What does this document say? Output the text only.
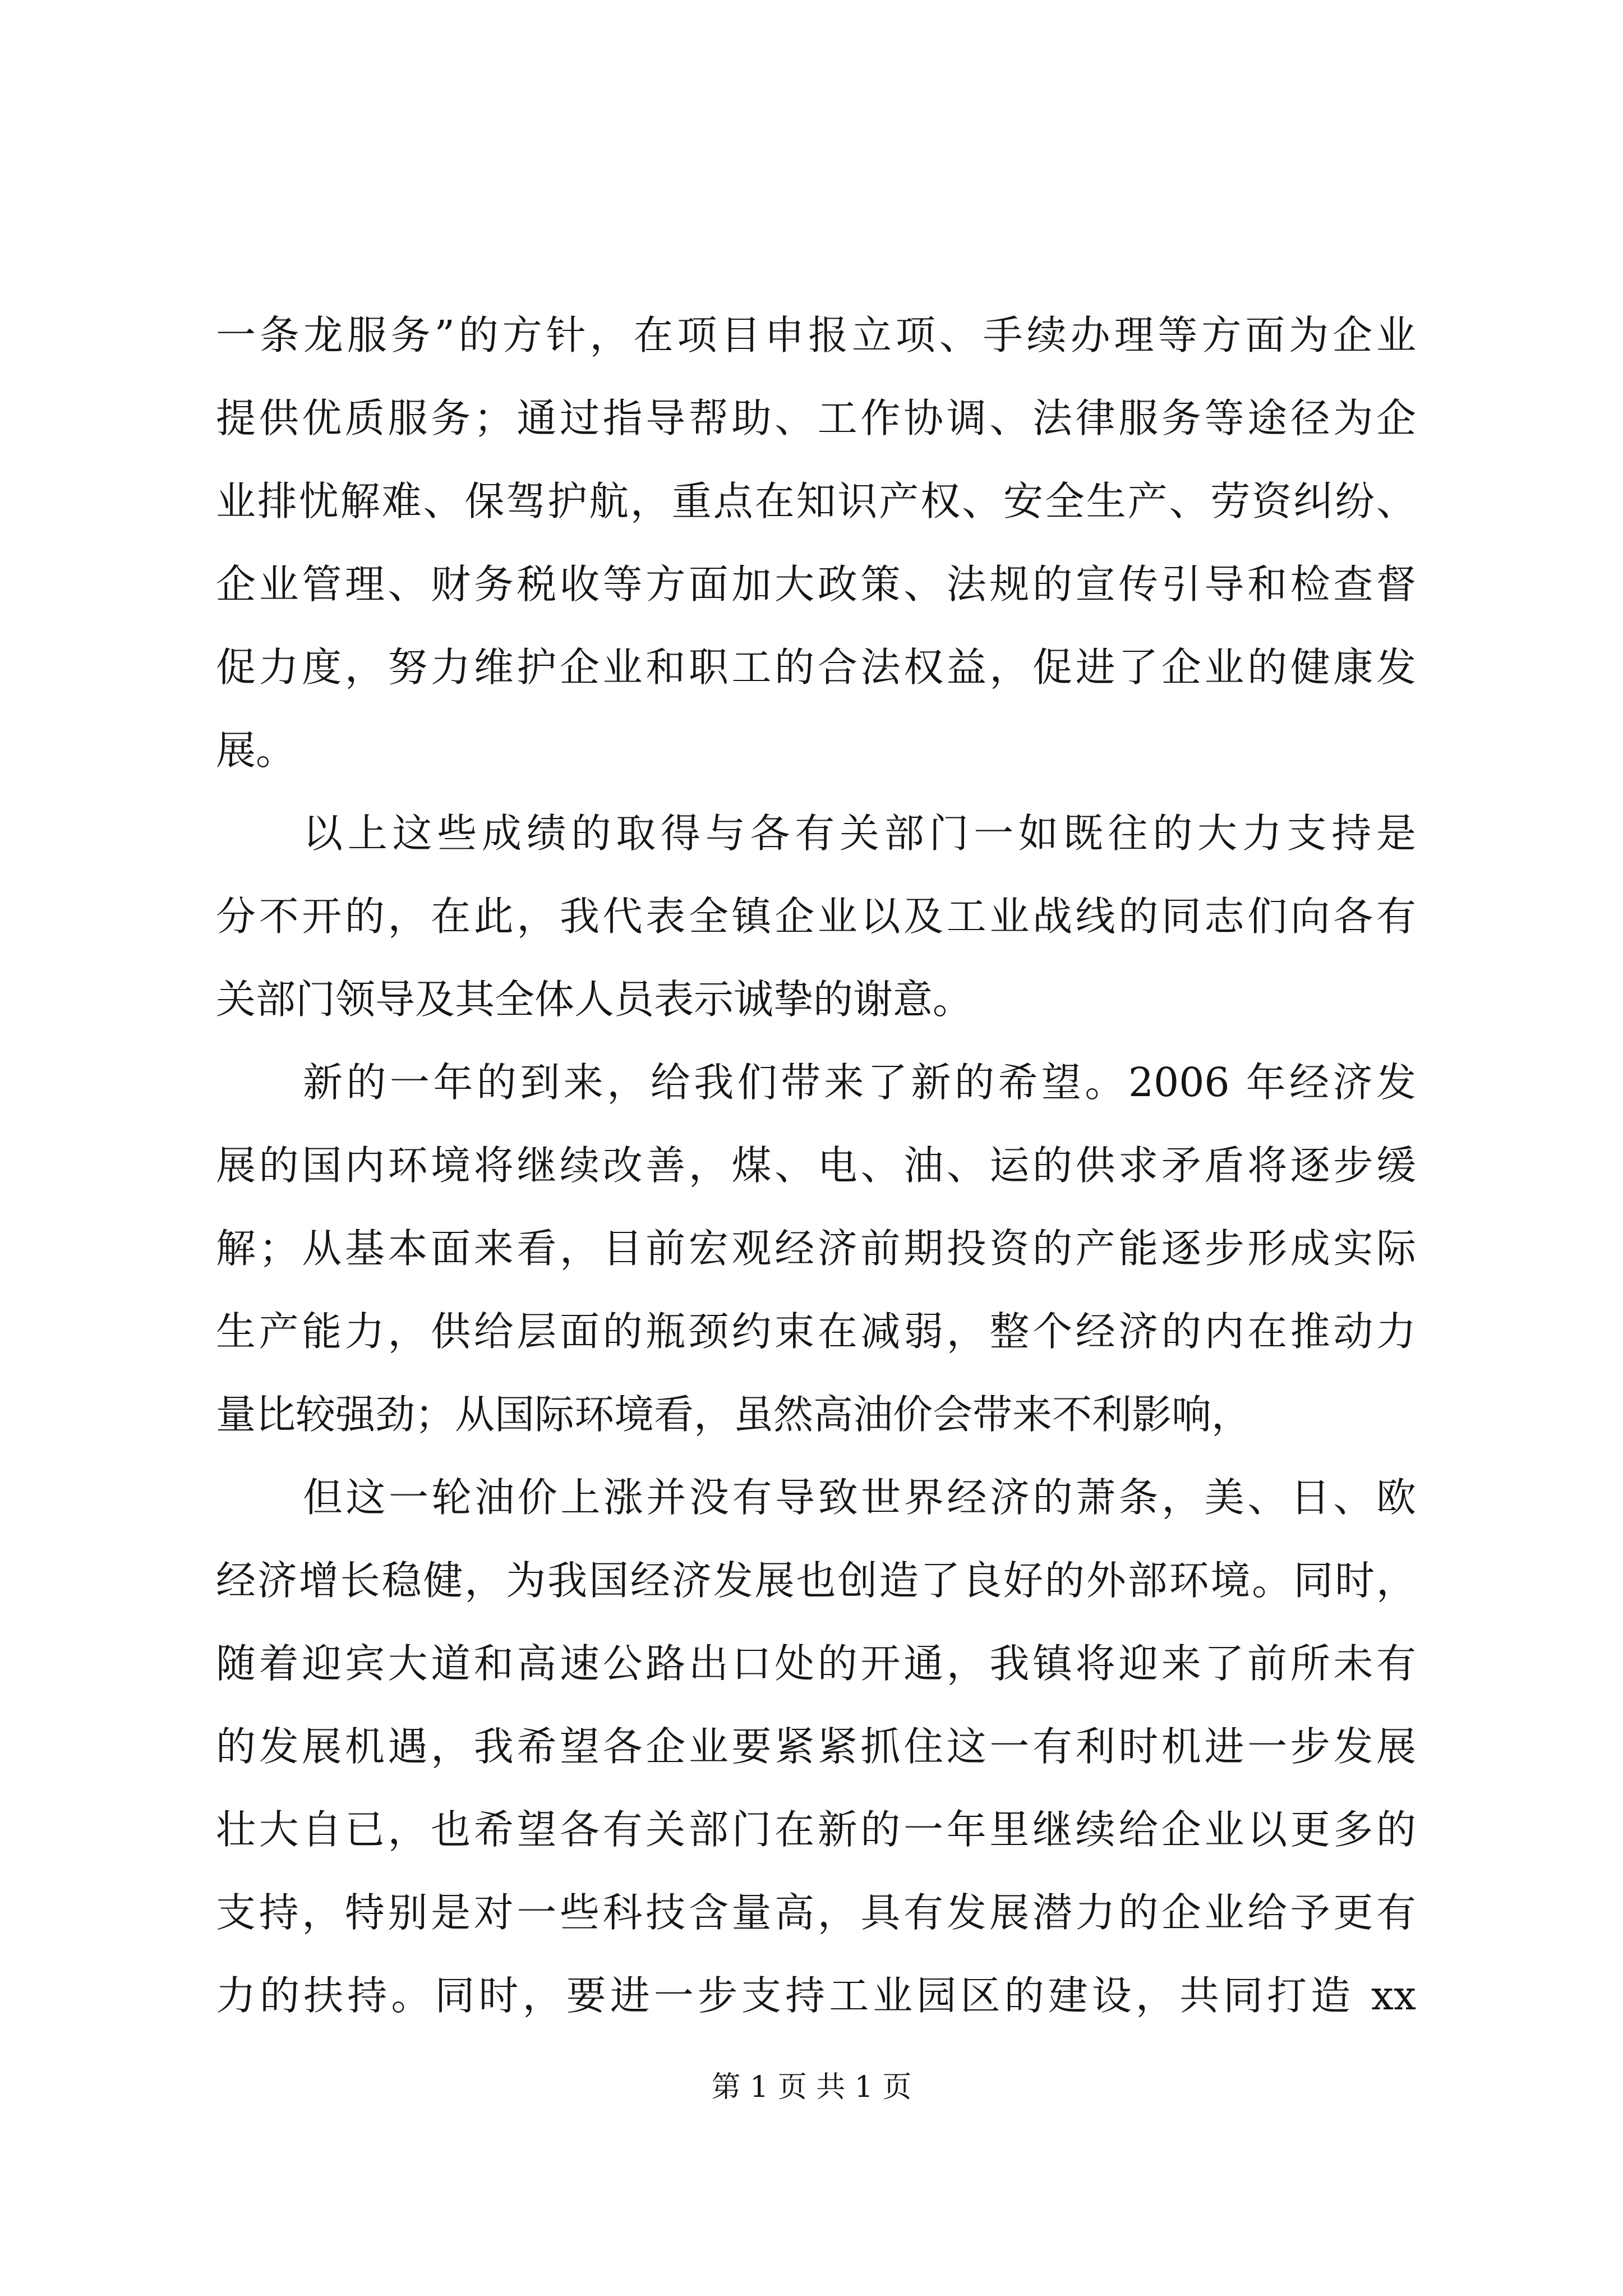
一条龙服务”的方针，在项目申报立项、手续办理等方面为企业
提供优质服务；通过指导帮助、工作协调、法律服务等途径为企
业排忧解难、保驾护航，重点在知识产权、安全生产、劳资纠纷、
企业管理、财务税收等方面加大政策、法规的宣传引导和检查督
促力度，努力维护企业和职工的合法权益，促进了企业的健康发
展。
以上这些成绩的取得与各有关部门一如既往的大力支持是
分不开的，在此，我代表全镇企业以及工业战线的同志们向各有
关部门领导及其全体人员表示诚挚的谢意。
新的一年的到来，给我们带来了新的希望。2006 年经济发
展的国内环境将继续改善，煤、电、油、运的供求矛盾将逐步缓
解；从基本面来看，目前宏观经济前期投资的产能逐步形成实际
生产能力，供给层面的瓶颈约束在减弱，整个经济的内在推动力
量比较强劲；从国际环境看，虽然高油价会带来不利影响，
但这一轮油价上涨并没有导致世界经济的萧条，美、日、欧
经济增长稳健，为我国经济发展也创造了良好的外部环境。同时，
随着迎宾大道和高速公路出口处的开通，我镇将迎来了前所未有
的发展机遇，我希望各企业要紧紧抓住这一有利时机进一步发展
壮大自已，也希望各有关部门在新的一年里继续给企业以更多的
支持，特别是对一些科技含量高，具有发展潜力的企业给予更有
力的扶持。同时，要进一步支持工业园区的建设，共同打造 xx
第 1 页 共 1 页
